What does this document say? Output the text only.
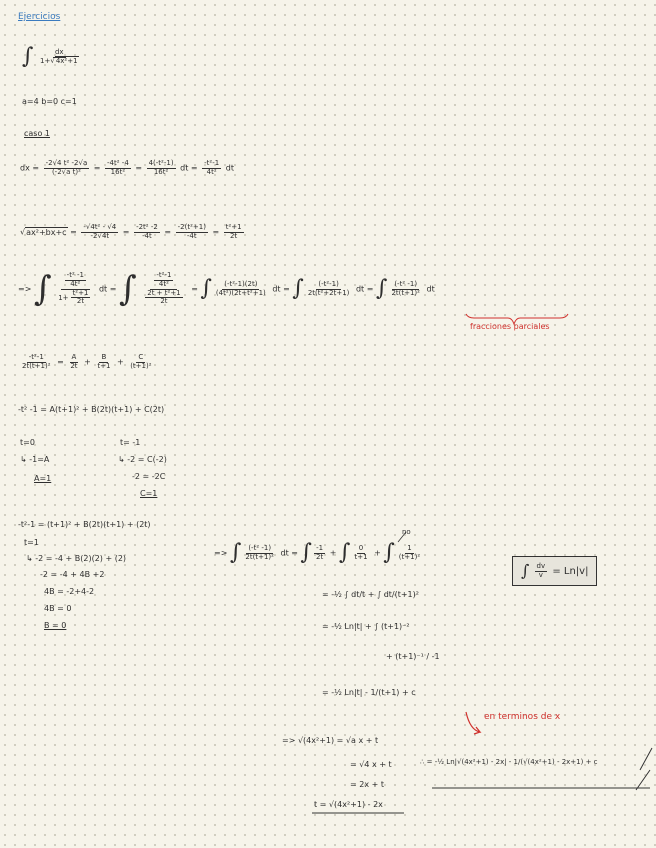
Ejercicios
∫ $\frac{dx}{\text{1+√4x²+1}}$
a=4 b=0 c=1
caso 1
dx = $\frac{\text{-2√4 t² -2√a}}{\text{(-2√a t)²}} = \frac{\text{-4t² -4}}{\text{16t²}} = \frac{\text{4(-t²-1)}}{\text{16t²}}$ dt = $\frac{\text{-t²-1}}{\text{4t²}}$ dt
$√ax^2+bx+c = \frac{\text{-√4t² - √4}}{-2√4t} = \frac{\text{-2t² -2}}{-4t} = \frac{\text{-2(t²+1)}}{-4t} = \frac{\text{t²+1}}{2t}$
=> ∫ $\frac{\frac{\text{-t² -1}}{\text{4t²}}}{1+ \frac{\text{t²+1}}{2t}}$ dt = ∫ $\frac{\frac{\text{-t²-1}}{\text{4t²}}}{\frac{\text{2t + t²+1}}{2t}}$ = ∫ $\frac{\text{(-t²-1)(2t)}}{\text{(4t²)(2t+t²+1)}}$ dt = ∫ $\frac{\text{(-t²-1)}}{\text{2t(t²+2t+1)}}$ dt = ∫ $\frac{\text{(-t² -1)}}{\text{2t(t+1)²}}$ dt
fracciones parciales
$\frac{\text{-t²-1}}{\text{2t(t+1)²}} = \frac{A}{2t} + \frac{B}{t+1} + \frac{C}{\text{(t+1)²}}$
-t² -1 = A(t+1)² + B(2t)(t+1) + C(2t)
t=0
↳ -1=A
A=1
t= -1
↳ -2 = C(-2)
-2 = -2C
C=1
-t²-1 = (t+1)² + B(2t)(t+1) + (2t)
t=1
↳ -2 = -4 + B(2)(2) + (2)
-2 = -4 + 4B +2
4B = -2+4-2
4B = 0
B = 0
=> ∫ $\frac{\text{(-t² -1)}}{\text{2t(t+1)²}}$ dt = ∫ $\frac{-1}{2t}$ + ∫ $\frac{0}{t+1}$ + ∫ $\frac{1}{\text{(t+1)²}}$
no
∫ $\frac{dv}{v} = Ln|v|$
= -½ ∫ dt/t + ∫ dt/(t+1)²
= -½ Ln|t| + ∫ (t+1)⁻²
+ (t+1)⁻¹ / -1
= -½ Ln|t| - 1/(t+1) + c
en terminos de x
=> √(4x²+1) = √a x + t
= √4 x + t
= 2x + t
t = √(4x²+1) - 2x
∴ = -½ Ln|√(4x²+1) - 2x| - 1/(√(4x²+1) - 2x+1) + c
